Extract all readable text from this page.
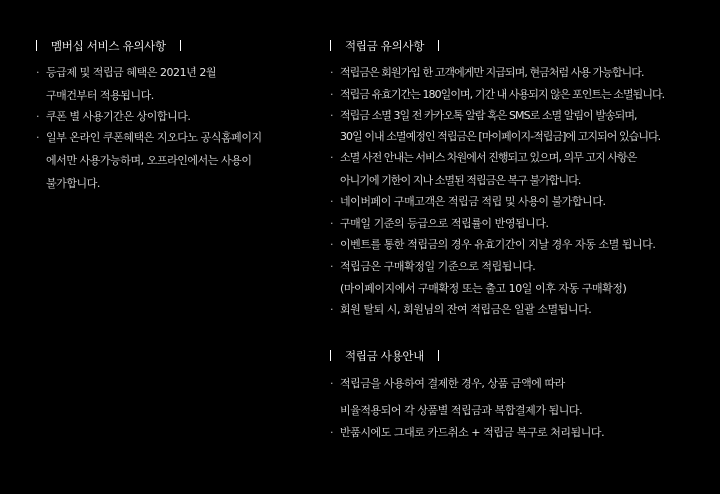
멤버십 서비스 유의사항
· 등급제 및 적립금 혜택은 2021년 2월
구매건부터 적용됩니다.
· 쿠폰 별 사용기간은 상이합니다.
· 일부 온라인 쿠폰혜택은 지오다노 공식홈페이지
에서만 사용가능하며, 오프라인에서는 사용이
불가합니다.
적립금 유의사항
· 적립금은 회원가입 한 고객에게만 지급되며, 현금처럼 사용 가능합니다.
· 적립금 유효기간는 180일이며, 기간 내 사용되지 않은 포인트는 소멸됩니다.
· 적립금 소멸 3일 전 카카오톡 알람 혹은 SMS로 소멸 알림이 발송되며,
30일 이내 소멸예정인 적립금은 [마이페이지-적립금]에 고지되어 있습니다.
· 소멸 사전 안내는 서비스 차원에서 진행되고 있으며, 의무 고지 사항은
아니기에 기한이 지나 소멸된 적립금은 복구 불가합니다.
· 네이버페이 구매고객은 적립금 적립 및 사용이 불가합니다.
· 구매일 기준의 등급으로 적립률이 반영됩니다.
· 이벤트를 통한 적립금의 경우 유효기간이 지날 경우 자동 소멸 됩니다.
· 적립금은 구매확정일 기준으로 적립됩니다.
(마이페이지에서 구매확정 또는 출고 10일 이후 자동 구매확정)
· 회원 탈퇴 시, 회원님의 잔여 적립금은 일괄 소멸됩니다.
적립금 사용안내
· 적립금을 사용하여 결제한 경우, 상품 금액에 따라
비율적용되어 각 상품별 적립금과 복합결제가 됩니다.
· 반품시에도 그대로 카드취소 + 적립금 복구로 처리됩니다.
